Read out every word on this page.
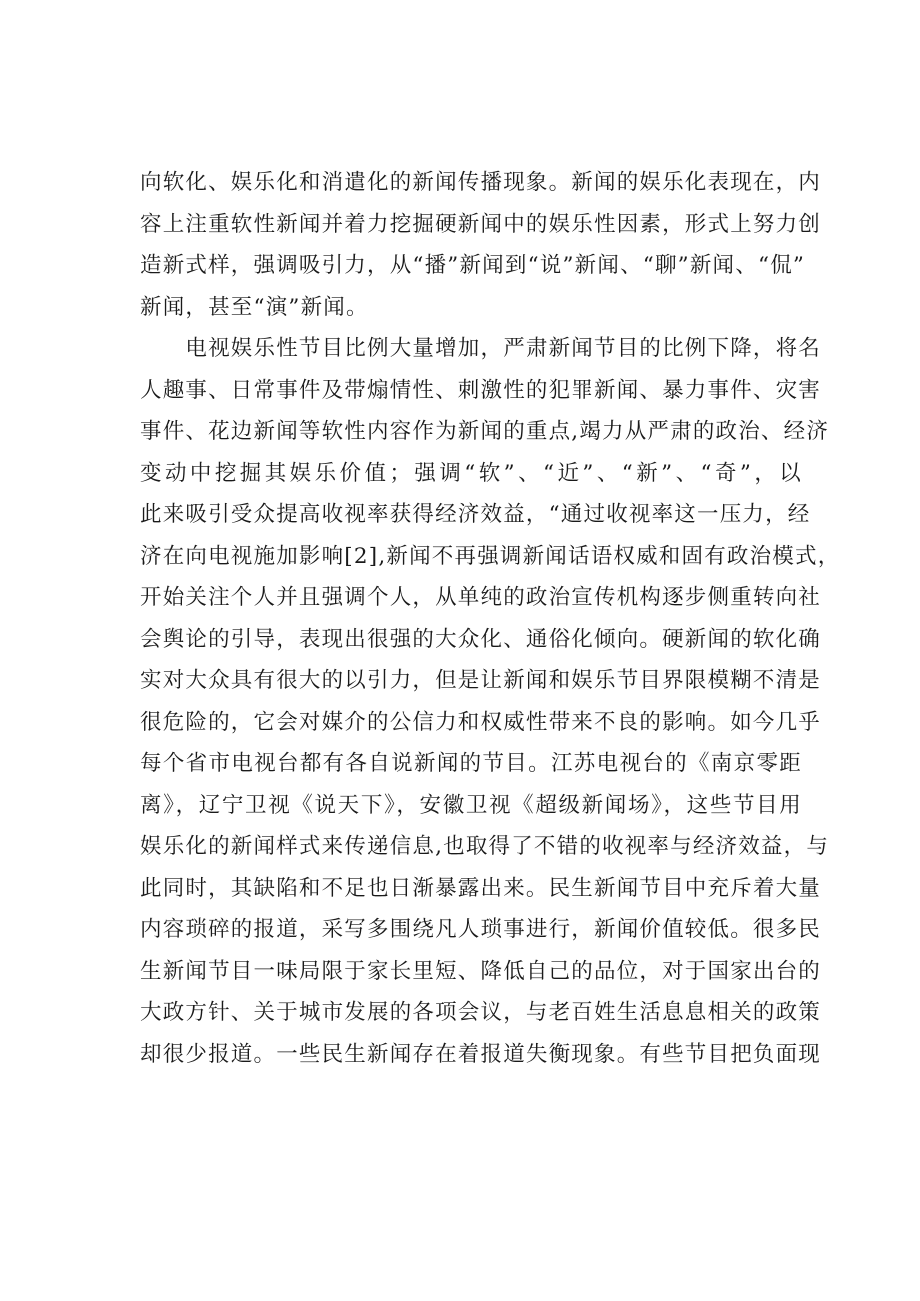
向软化、娱乐化和消遣化的新闻传播现象。新闻的娱乐化表现在，内
容上注重软性新闻并着力挖掘硬新闻中的娱乐性因素，形式上努力创
造新式样，强调吸引力，从“播”新闻到“说”新闻、“聊”新闻、“侃”
新闻，甚至“演”新闻。
　　电视娱乐性节目比例大量增加，严肃新闻节目的比例下降，将名
人趣事、日常事件及带煽情性、刺激性的犯罪新闻、暴力事件、灾害
事件、花边新闻等软性内容作为新闻的重点,竭力从严肃的政治、经济
变动中挖掘其娱乐价值；强调“软”、“近”、“新”、“奇”，以
此来吸引受众提高收视率获得经济效益，“通过收视率这一压力，经
济在向电视施加影响[2],新闻不再强调新闻话语权威和固有政治模式，
开始关注个人并且强调个人，从单纯的政治宣传机构逐步侧重转向社
会舆论的引导，表现出很强的大众化、通俗化倾向。硬新闻的软化确
实对大众具有很大的以引力，但是让新闻和娱乐节目界限模糊不清是
很危险的，它会对媒介的公信力和权威性带来不良的影响。如今几乎
每个省市电视台都有各自说新闻的节目。江苏电视台的《南京零距
离》，辽宁卫视《说天下》，安徽卫视《超级新闻场》，这些节目用
娱乐化的新闻样式来传递信息,也取得了不错的收视率与经济效益，与
此同时，其缺陷和不足也日渐暴露出来。民生新闻节目中充斥着大量
内容琐碎的报道，采写多围绕凡人琐事进行，新闻价值较低。很多民
生新闻节目一味局限于家长里短、降低自己的品位，对于国家出台的
大政方针、关于城市发展的各项会议，与老百姓生活息息相关的政策
却很少报道。一些民生新闻存在着报道失衡现象。有些节目把负面现
